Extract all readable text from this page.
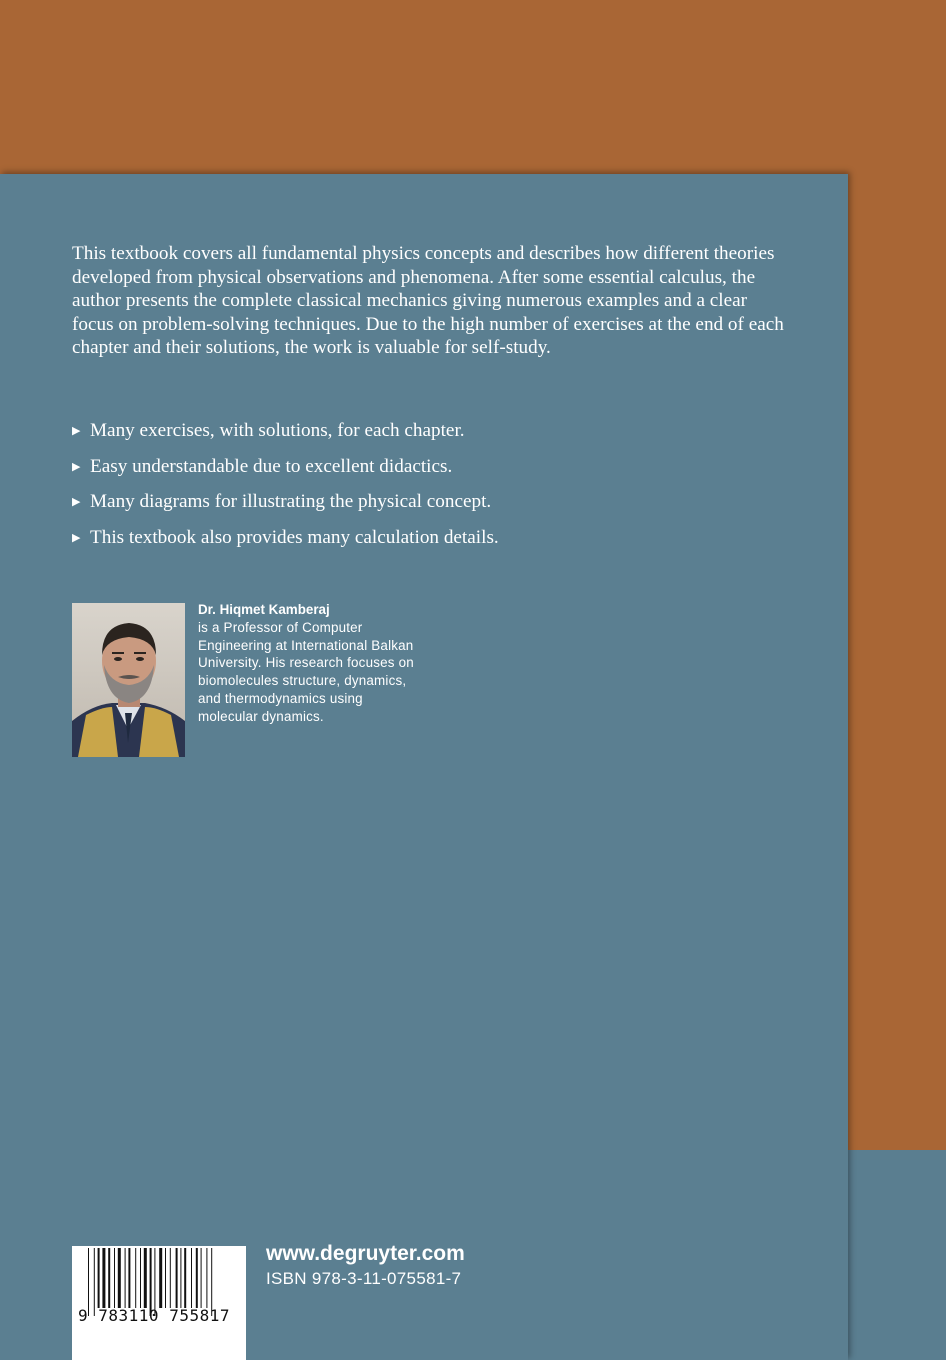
This textbook covers all fundamental physics concepts and describes how different theories developed from physical observations and phenomena. After some essential calculus, the author presents the complete classical mechanics giving numerous examples and a clear focus on problem-solving techniques. Due to the high number of exercises at the end of each chapter and their solutions, the work is valuable for self-study.

▶ Many exercises, with solutions, for each chapter.
▶ Easy understandable due to excellent didactics.
▶ Many diagrams for illustrating the physical concept.
▶ This textbook also provides many calculation details.
Dr. Hiqmet Kamberaj

is a Professor of Computer Engineering at International Balkan University. His research focuses on biomolecules structure, dynamics, and thermodynamics using molecular dynamics.

9 783110 755817
www.degruyter.com
ISBN 978-3-11-075581-7
